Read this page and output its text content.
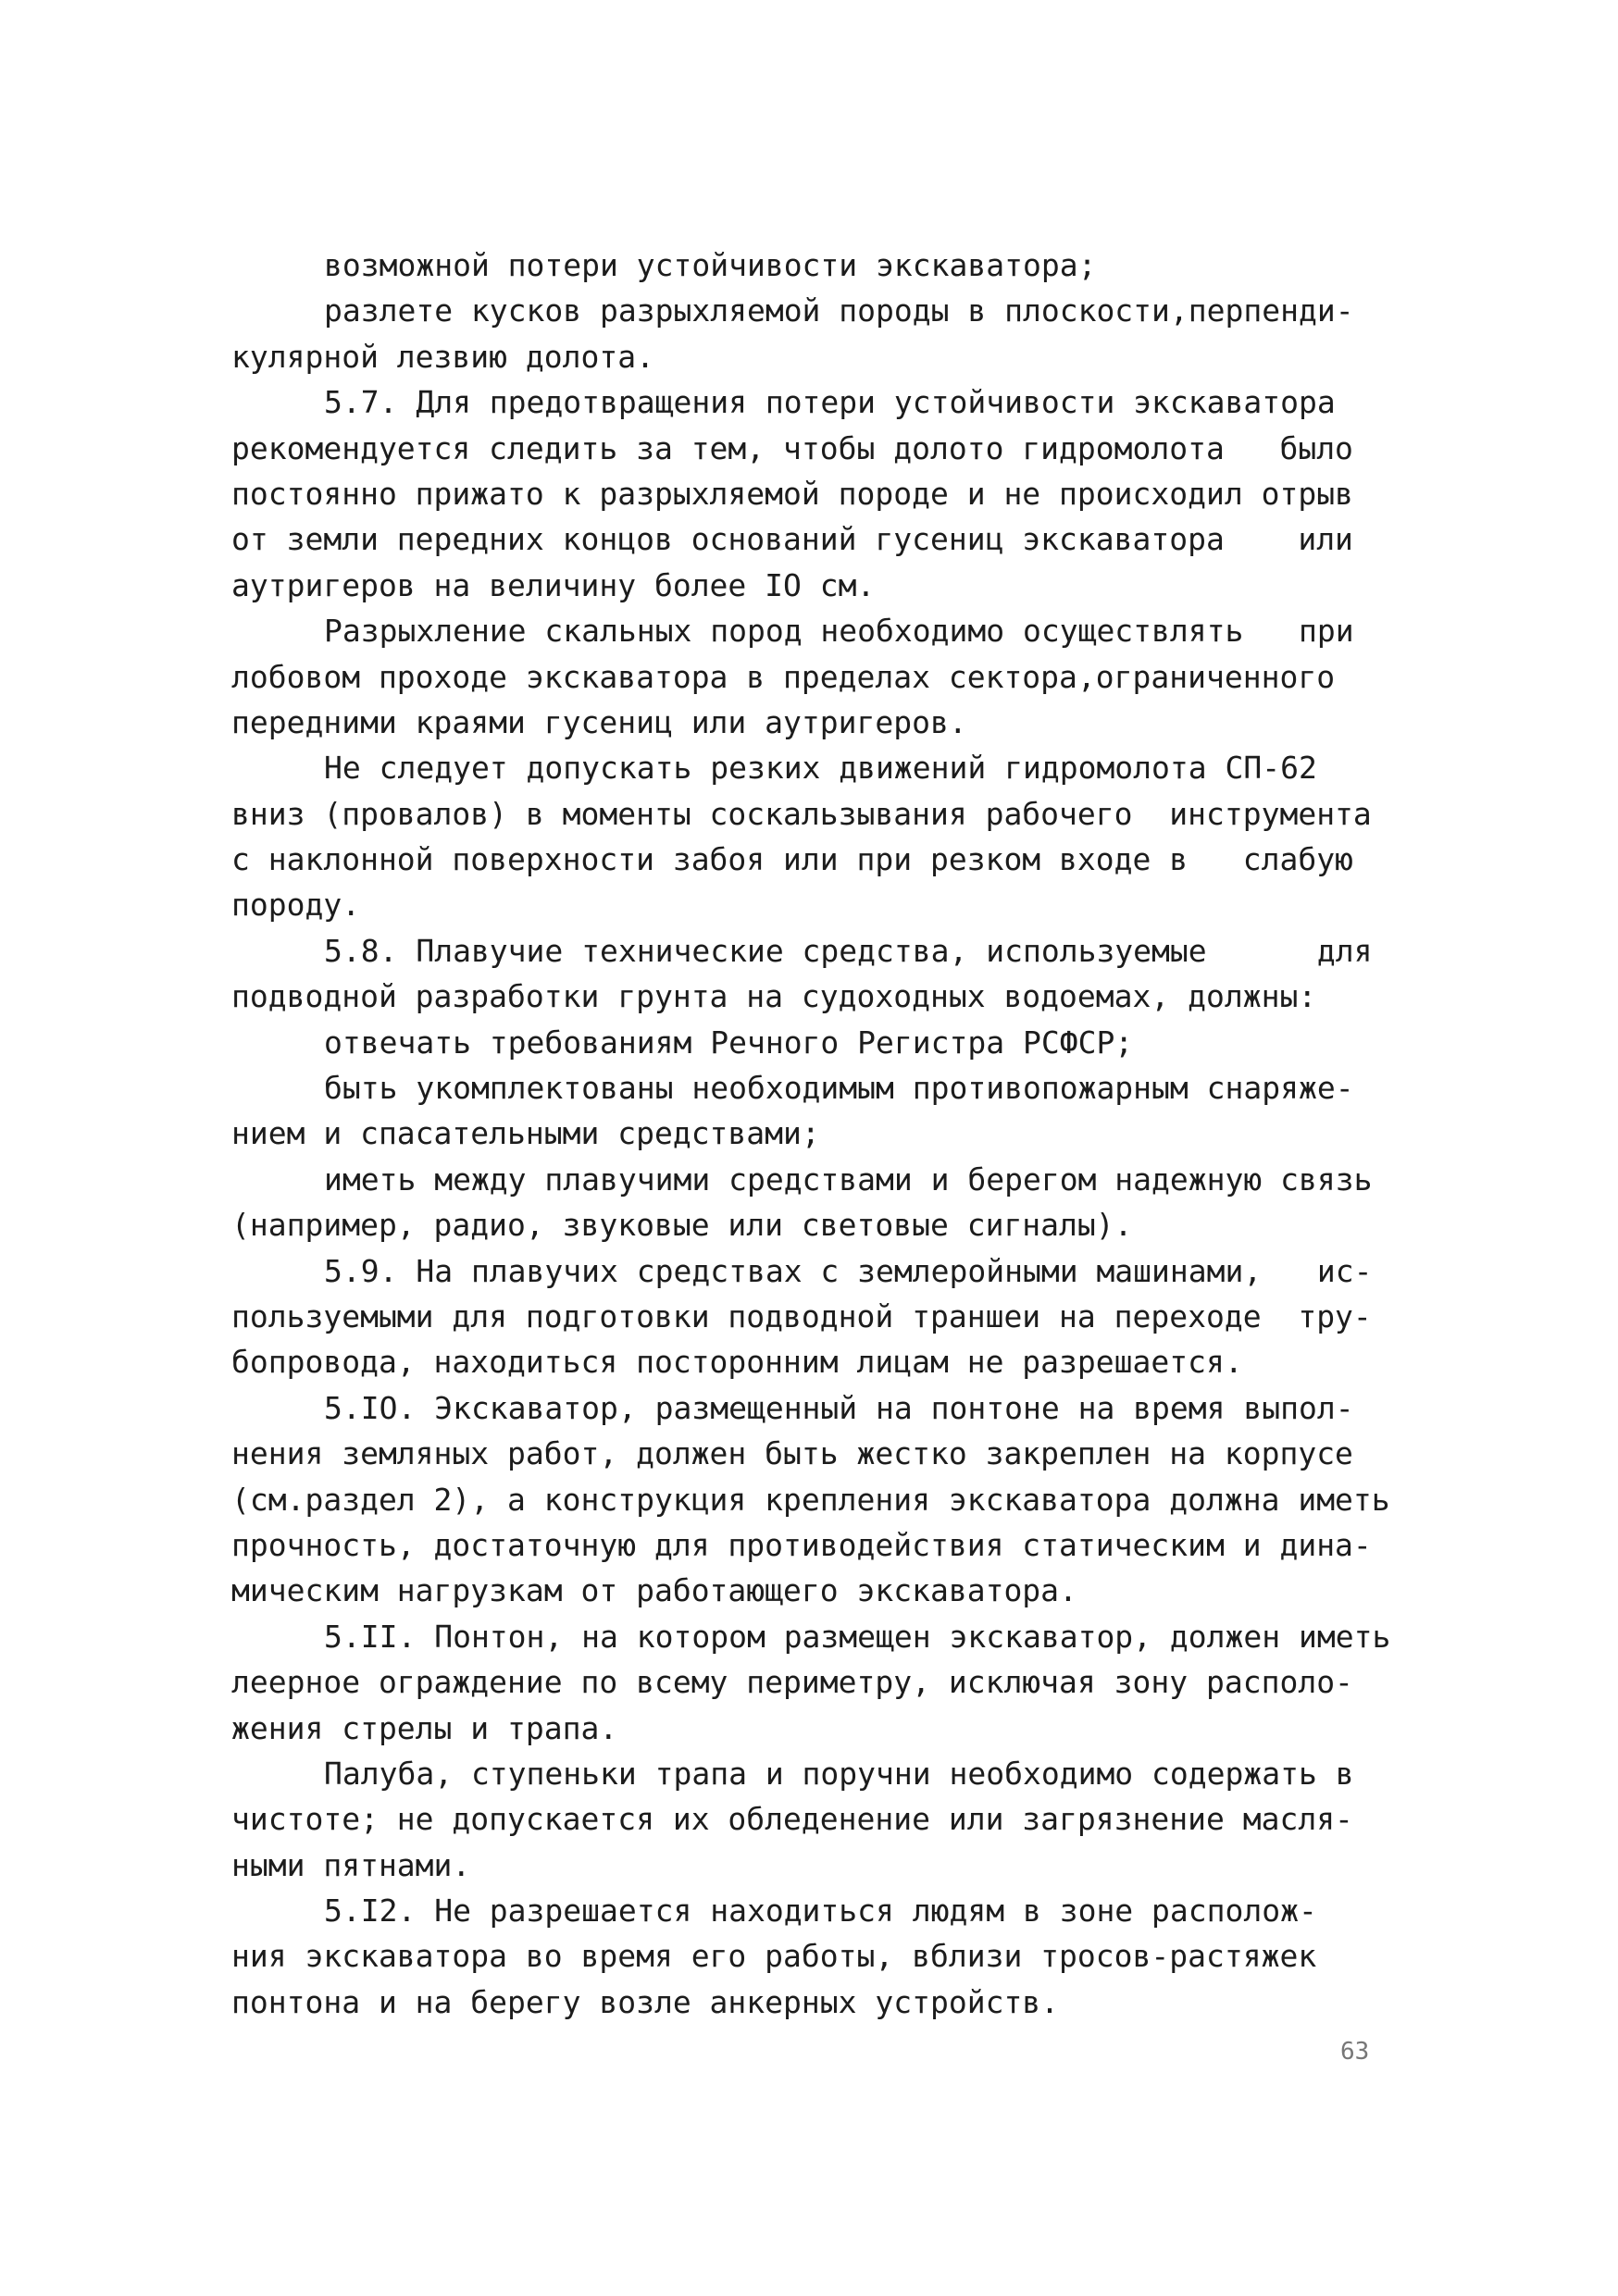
возможной потери устойчивости экскаватора;
разлете кусков разрыхляемой породы в плоскости,перпенди-
кулярной лезвию долота.
5.7. Для предотвращения потери устойчивости экскаватора
рекомендуется следить за тем, чтобы долото гидромолота   было
постоянно прижато к разрыхляемой породе и не происходил отрыв
от земли передних концов оснований гусениц экскаватора    или
аутригеров на величину более IO см.
Разрыхление скальных пород необходимо осуществлять   при
лобовом проходе экскаватора в пределах сектора,ограниченного
передними краями гусениц или аутригеров.
Не следует допускать резких движений гидромолота СП-62
вниз (провалов) в моменты соскальзывания рабочего  инструмента
с наклонной поверхности забоя или при резком входе в   слабую
породу.
5.8. Плавучие технические средства, используемые      для
подводной разработки грунта на судоходных водоемах, должны:
отвечать требованиям Речного Регистра РСФСР;
быть укомплектованы необходимым противопожарным снаряже-
нием и спасательными средствами;
иметь между плавучими средствами и берегом надежную связь
(например, радио, звуковые или световые сигналы).
5.9. На плавучих средствах с землеройными машинами,   ис-
пользуемыми для подготовки подводной траншеи на переходе  тру-
бопровода, находиться посторонним лицам не разрешается.
5.IO. Экскаватор, размещенный на понтоне на время выпол-
нения земляных работ, должен быть жестко закреплен на корпусе
(см.раздел 2), а конструкция крепления экскаватора должна иметь
прочность, достаточную для противодействия статическим и дина-
мическим нагрузкам от работающего экскаватора.
5.II. Понтон, на котором размещен экскаватор, должен иметь
леерное ограждение по всему периметру, исключая зону располо-
жения стрелы и трапа.
Палуба, ступеньки трапа и поручни необходимо содержать в
чистоте; не допускается их обледенение или загрязнение масля-
ными пятнами.
5.I2. Не разрешается находиться людям в зоне располож-
ния экскаватора во время его работы, вблизи тросов-растяжек
понтона и на берегу возле анкерных устройств.
63
